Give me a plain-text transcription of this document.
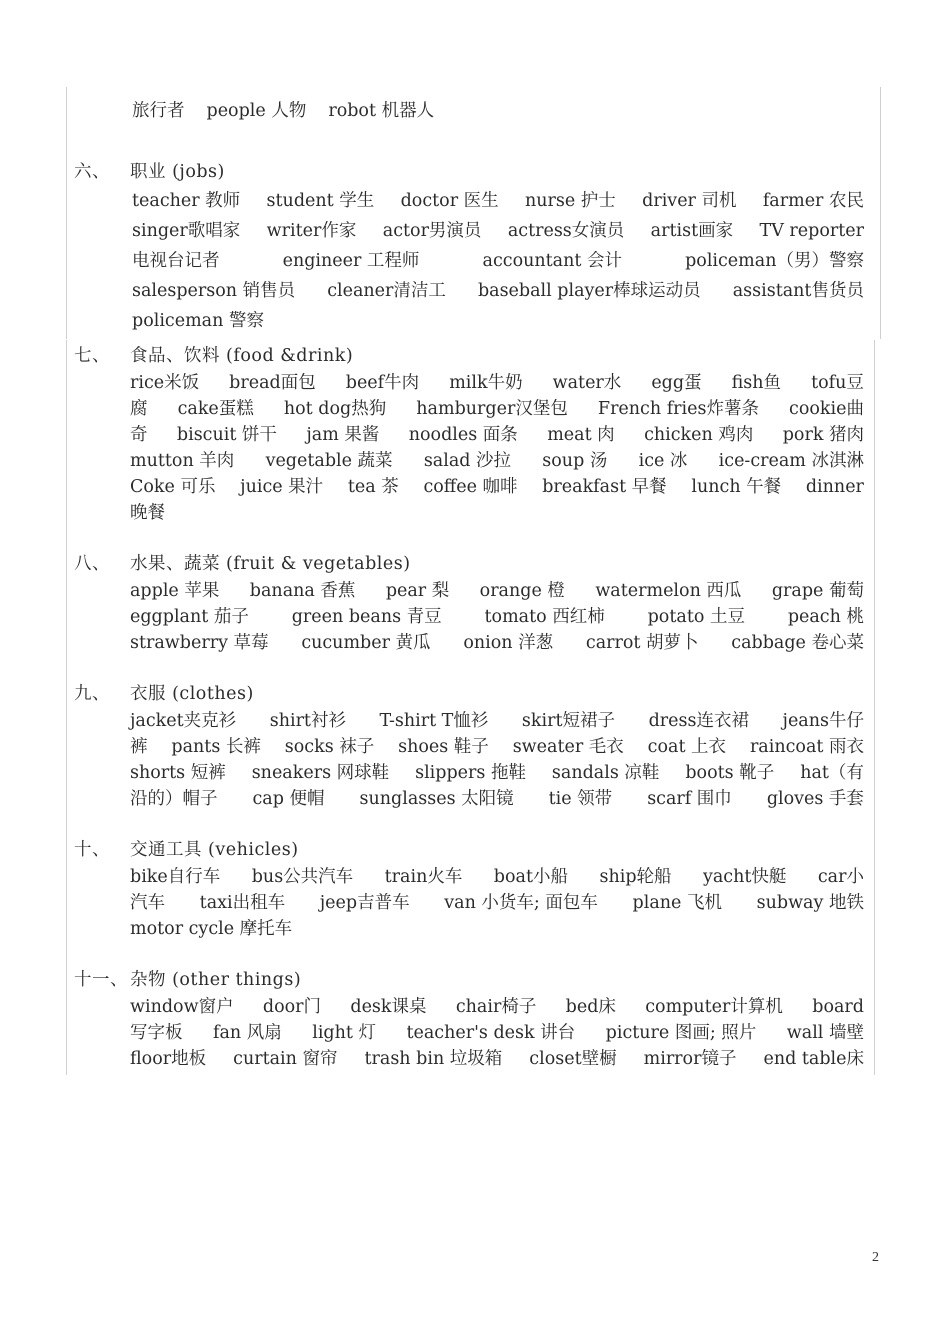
旅行者 people 人物 robot 机器人
六、 职业 (jobs)
teacher 教师 student 学生 doctor 医生 nurse 护士 driver 司机 farmer 农民
singer歌唱家 writer作家 actor男演员 actress女演员 artist画家 TV reporter
电视台记者	engineer 工程师	accountant 会计	policeman（男）警察
salesperson 销售员 cleaner清洁工 baseball player棒球运动员 assistant售货员
policeman 警察
七、 食品、饮料 (food &drink)
rice米饭 bread面包 beef牛肉 milk牛奶 water水 egg蛋 fish鱼 tofu豆
腐 cake蛋糕 hot dog热狗 hamburger汉堡包 French fries炸薯条 cookie曲
奇 biscuit 饼干 jam 果酱 noodles 面条 meat 肉 chicken 鸡肉 pork 猪肉
mutton 羊肉 vegetable 蔬菜 salad 沙拉 soup 汤 ice 冰 ice-cream 冰淇淋
Coke 可乐 juice 果汁 tea 茶 coffee 咖啡 breakfast 早餐 lunch 午餐 dinner
晚餐
八、 水果、蔬菜 (fruit & vegetables)
apple 苹果 banana 香蕉 pear 梨 orange 橙 watermelon 西瓜 grape 葡萄
eggplant 茄子 green beans 青豆 tomato 西红柿 potato 土豆 peach 桃
strawberry 草莓 cucumber 黄瓜 onion 洋葱 carrot 胡萝卜 cabbage 卷心菜
九、 衣服 (clothes)
jacket夹克衫 shirt衬衫 T-shirt T恤衫 skirt短裙子 dress连衣裙 jeans牛仔
裤 pants 长裤 socks 袜子 shoes 鞋子 sweater 毛衣 coat 上衣 raincoat 雨衣
shorts 短裤 sneakers 网球鞋 slippers 拖鞋 sandals 凉鞋 boots 靴子 hat（有
沿的）帽子 cap 便帽 sunglasses 太阳镜 tie 领带 scarf 围巾 gloves 手套
十、 交通工具 (vehicles)
bike自行车 bus公共汽车 train火车 boat小船 ship轮船 yacht快艇 car小
汽车 taxi出租车 jeep吉普车 van 小货车; 面包车 plane 飞机 subway 地铁
motor cycle 摩托车
十一、 杂物 (other things)
window窗户 door门 desk课桌 chair椅子 bed床 computer计算机 board
写字板 fan 风扇 light 灯 teacher's desk 讲台 picture 图画; 照片 wall 墙壁
floor地板 curtain 窗帘 trash bin 垃圾箱 closet壁橱 mirror镜子 end table床
2
